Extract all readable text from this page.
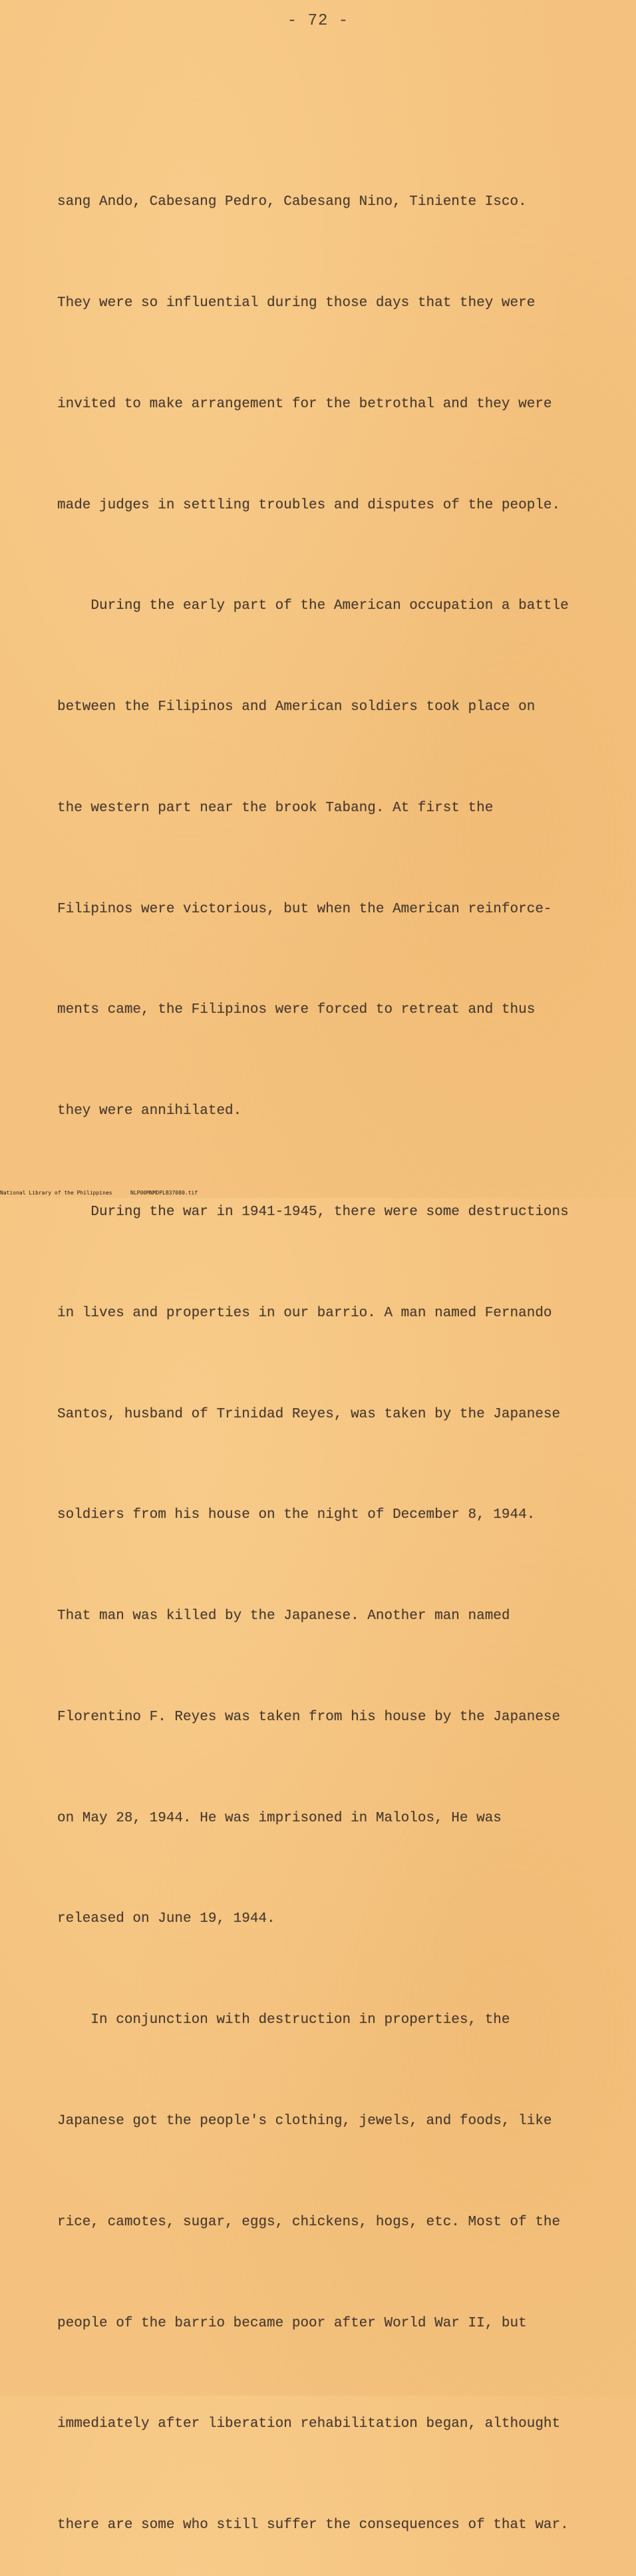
- 72 -

sang Ando, Cabesang Pedro, Cabesang Nino, Tiniente Isco.

They were so influential during those days that they were

invited to make arrangement for the betrothal and they were

made judges in settling troubles and disputes of the people.

During the early part of the American occupation a battle

between the Filipinos and American soldiers took place on

the western part near the brook Tabang. At first the

Filipinos were victorious, but when the American reinforce-

ments came, the Filipinos were forced to retreat and thus

they were annihilated.

During the war in 1941-1945, there were some destructions

in lives and properties in our barrio. A man named Fernando

Santos, husband of Trinidad Reyes, was taken by the Japanese

soldiers from his house on the night of December 8, 1944.

That man was killed by the Japanese. Another man named

Florentino F. Reyes was taken from his house by the Japanese

on May 28, 1944. He was imprisoned in Malolos, He was

released on June 19, 1944.

In conjunction with destruction in properties, the

Japanese got the people's clothing, jewels, and foods, like

rice, camotes, sugar, eggs, chickens, hogs, etc. Most of the

people of the barrio became poor after World War II, but

immediately after liberation rehabilitation began, althought

there are some who still suffer the consequences of that war.

National Library of the Philippines	NLP00MNMDPLB37080.tif
